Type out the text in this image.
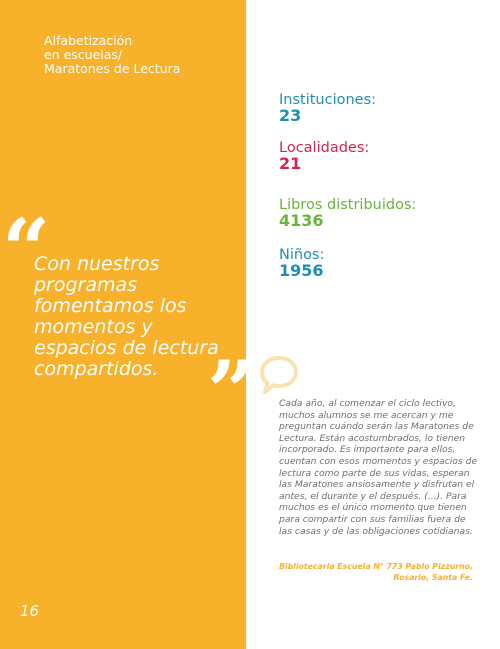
Alfabetización
en escuelas/
Maratones de Lectura
“
Con nuestros programas fomentamos los momentos y espacios de lectura compartidos. ”
16
Instituciones:
23
Localidades:
21
Libros distribuidos:
4136
Niños:
1956
Cada año, al comenzar el ciclo lectivo, muchos alumnos se me acercan y me preguntan cuándo serán las Maratones de Lectura. Están acostumbrados, lo tienen incorporado. Es importante para ellos, cuentan con esos momentos y espacios de lectura como parte de sus vidas, esperan las Maratones ansiosamente y disfrutan el antes, el durante y el después. (...). Para muchos es el único momento que tienen para compartir con sus familias fuera de las casas y de las obligaciones cotidianas.
Bibliotecaria Escuela N° 773 Pablo Pizzurno,
Rosario, Santa Fe.
